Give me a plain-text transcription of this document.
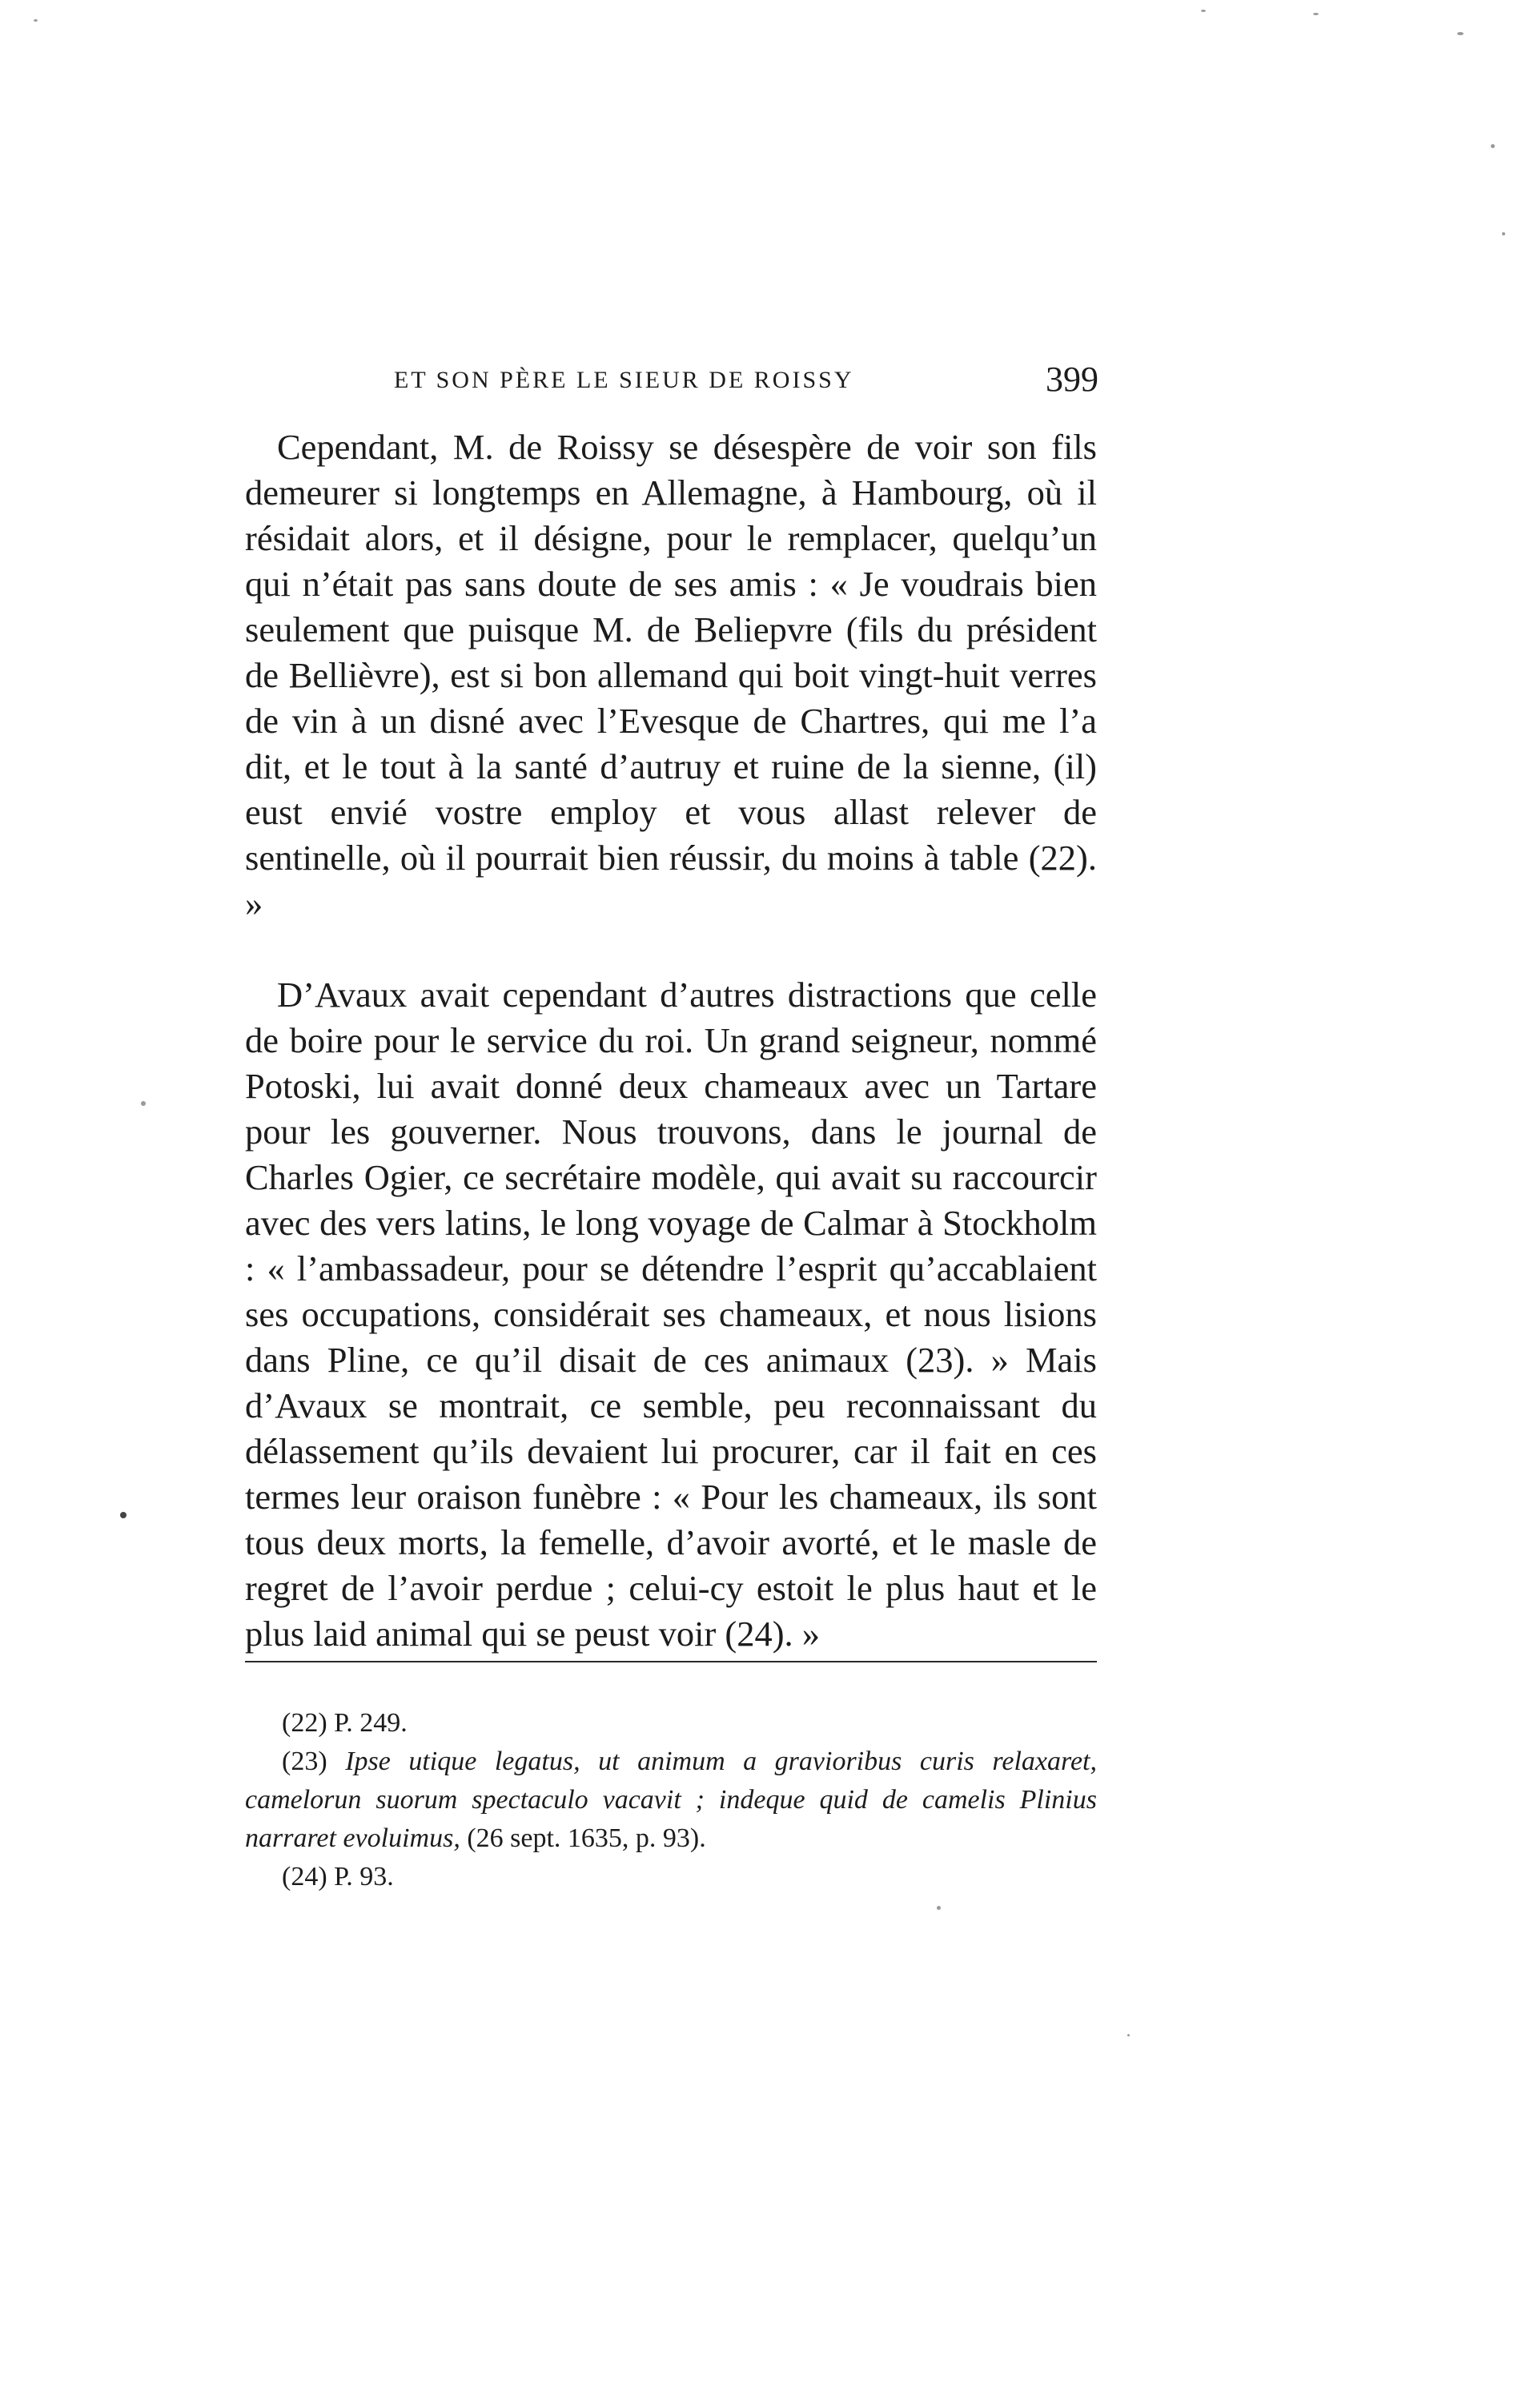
ET SON PÈRE LE SIEUR DE ROISSY	399

Cependant, M. de Roissy se désespère de voir son fils demeurer si longtemps en Allemagne, à Hambourg, où il résidait alors, et il désigne, pour le remplacer, quelqu’un qui n’était pas sans doute de ses amis : « Je voudrais bien seulement que puisque M. de Beliepvre (fils du président de Bellièvre), est si bon allemand qui boit vingt-huit verres de vin à un disné avec l’Evesque de Chartres, qui me l’a dit, et le tout à la santé d’autruy et ruine de la sienne, (il) eust envié vostre employ et vous allast relever de sentinelle, où il pourrait bien réussir, du moins à table (22). »

D’Avaux avait cependant d’autres distractions que celle de boire pour le service du roi. Un grand seigneur, nommé Potoski, lui avait donné deux chameaux avec un Tartare pour les gouverner. Nous trouvons, dans le journal de Charles Ogier, ce secrétaire modèle, qui avait su raccourcir avec des vers latins, le long voyage de Calmar à Stockholm : « l’ambassadeur, pour se détendre l’esprit qu’accablaient ses occupations, considérait ses chameaux, et nous lisions dans Pline, ce qu’il disait de ces animaux (23). » Mais d’Avaux se montrait, ce semble, peu reconnaissant du délassement qu’ils devaient lui procurer, car il fait en ces termes leur oraison funèbre : « Pour les chameaux, ils sont tous deux morts, la femelle, d’avoir avorté, et le masle de regret de l’avoir perdue ; celui-cy estoit le plus haut et le plus laid animal qui se peust voir (24). »

(22) P. 249.

(23) Ipse utique legatus, ut animum a gravioribus curis relaxaret, camelorun suorum spectaculo vacavit ; indeque quid de camelis Plinius narraret evoluimus, (26 sept. 1635, p. 93).

(24) P. 93.
